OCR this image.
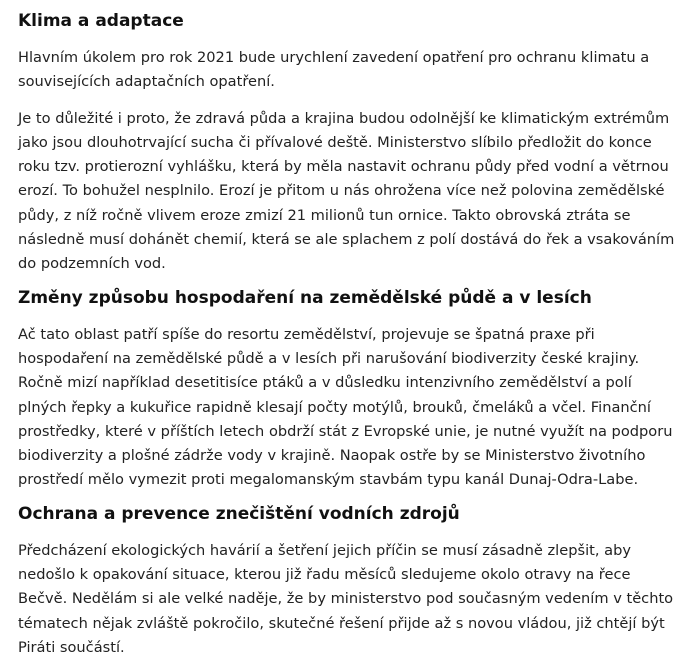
Klima a adaptace

Hlavním úkolem pro rok 2021 bude urychlení zavedení opatření pro ochranu klimatu a souvisejících adaptačních opatření.

Je to důležité i proto, že zdravá půda a krajina budou odolnější ke klimatickým extrémům jako jsou dlouhotrvající sucha či přívalové deště. Ministerstvo slíbilo předložit do konce roku tzv. protierozní vyhlášku, která by měla nastavit ochranu půdy před vodní a větrnou erozí. To bohužel nesplnilo. Erozí je přitom u nás ohrožena více než polovina zemědělské půdy, z níž ročně vlivem eroze zmizí 21 milionů tun ornice. Takto obrovská ztráta se následně musí dohánět chemií, která se ale splachem z polí dostává do řek a vsakováním do podzemních vod.

Změny způsobu hospodaření na zemědělské půdě a v lesích

Ač tato oblast patří spíše do resortu zemědělství, projevuje se špatná praxe při hospodaření na zemědělské půdě a v lesích při narušování biodiverzity české krajiny. Ročně mizí například desetitisíce ptáků a v důsledku intenzivního zemědělství a polí plných řepky a kukuřice rapidně klesají počty motýlů, brouků, čmeláků a včel. Finanční prostředky, které v příštích letech obdrží stát z Evropské unie, je nutné využít na podporu biodiverzity a plošné zádrže vody v krajině. Naopak ostře by se Ministerstvo životního prostředí mělo vymezit proti megalomanským stavbám typu kanál Dunaj-Odra-Labe.

Ochrana a prevence znečištění vodních zdrojů

Předcházení ekologických havárií a šetření jejich příčin se musí zásadně zlepšit, aby nedošlo k opakování situace, kterou již řadu měsíců sledujeme okolo otravy na řece Bečvě. Nedělám si ale velké naděje, že by ministerstvo pod současným vedením v těchto tématech nějak zvláště pokročilo, skutečné řešení přijde až s novou vládou, již chtějí být Piráti součástí.
